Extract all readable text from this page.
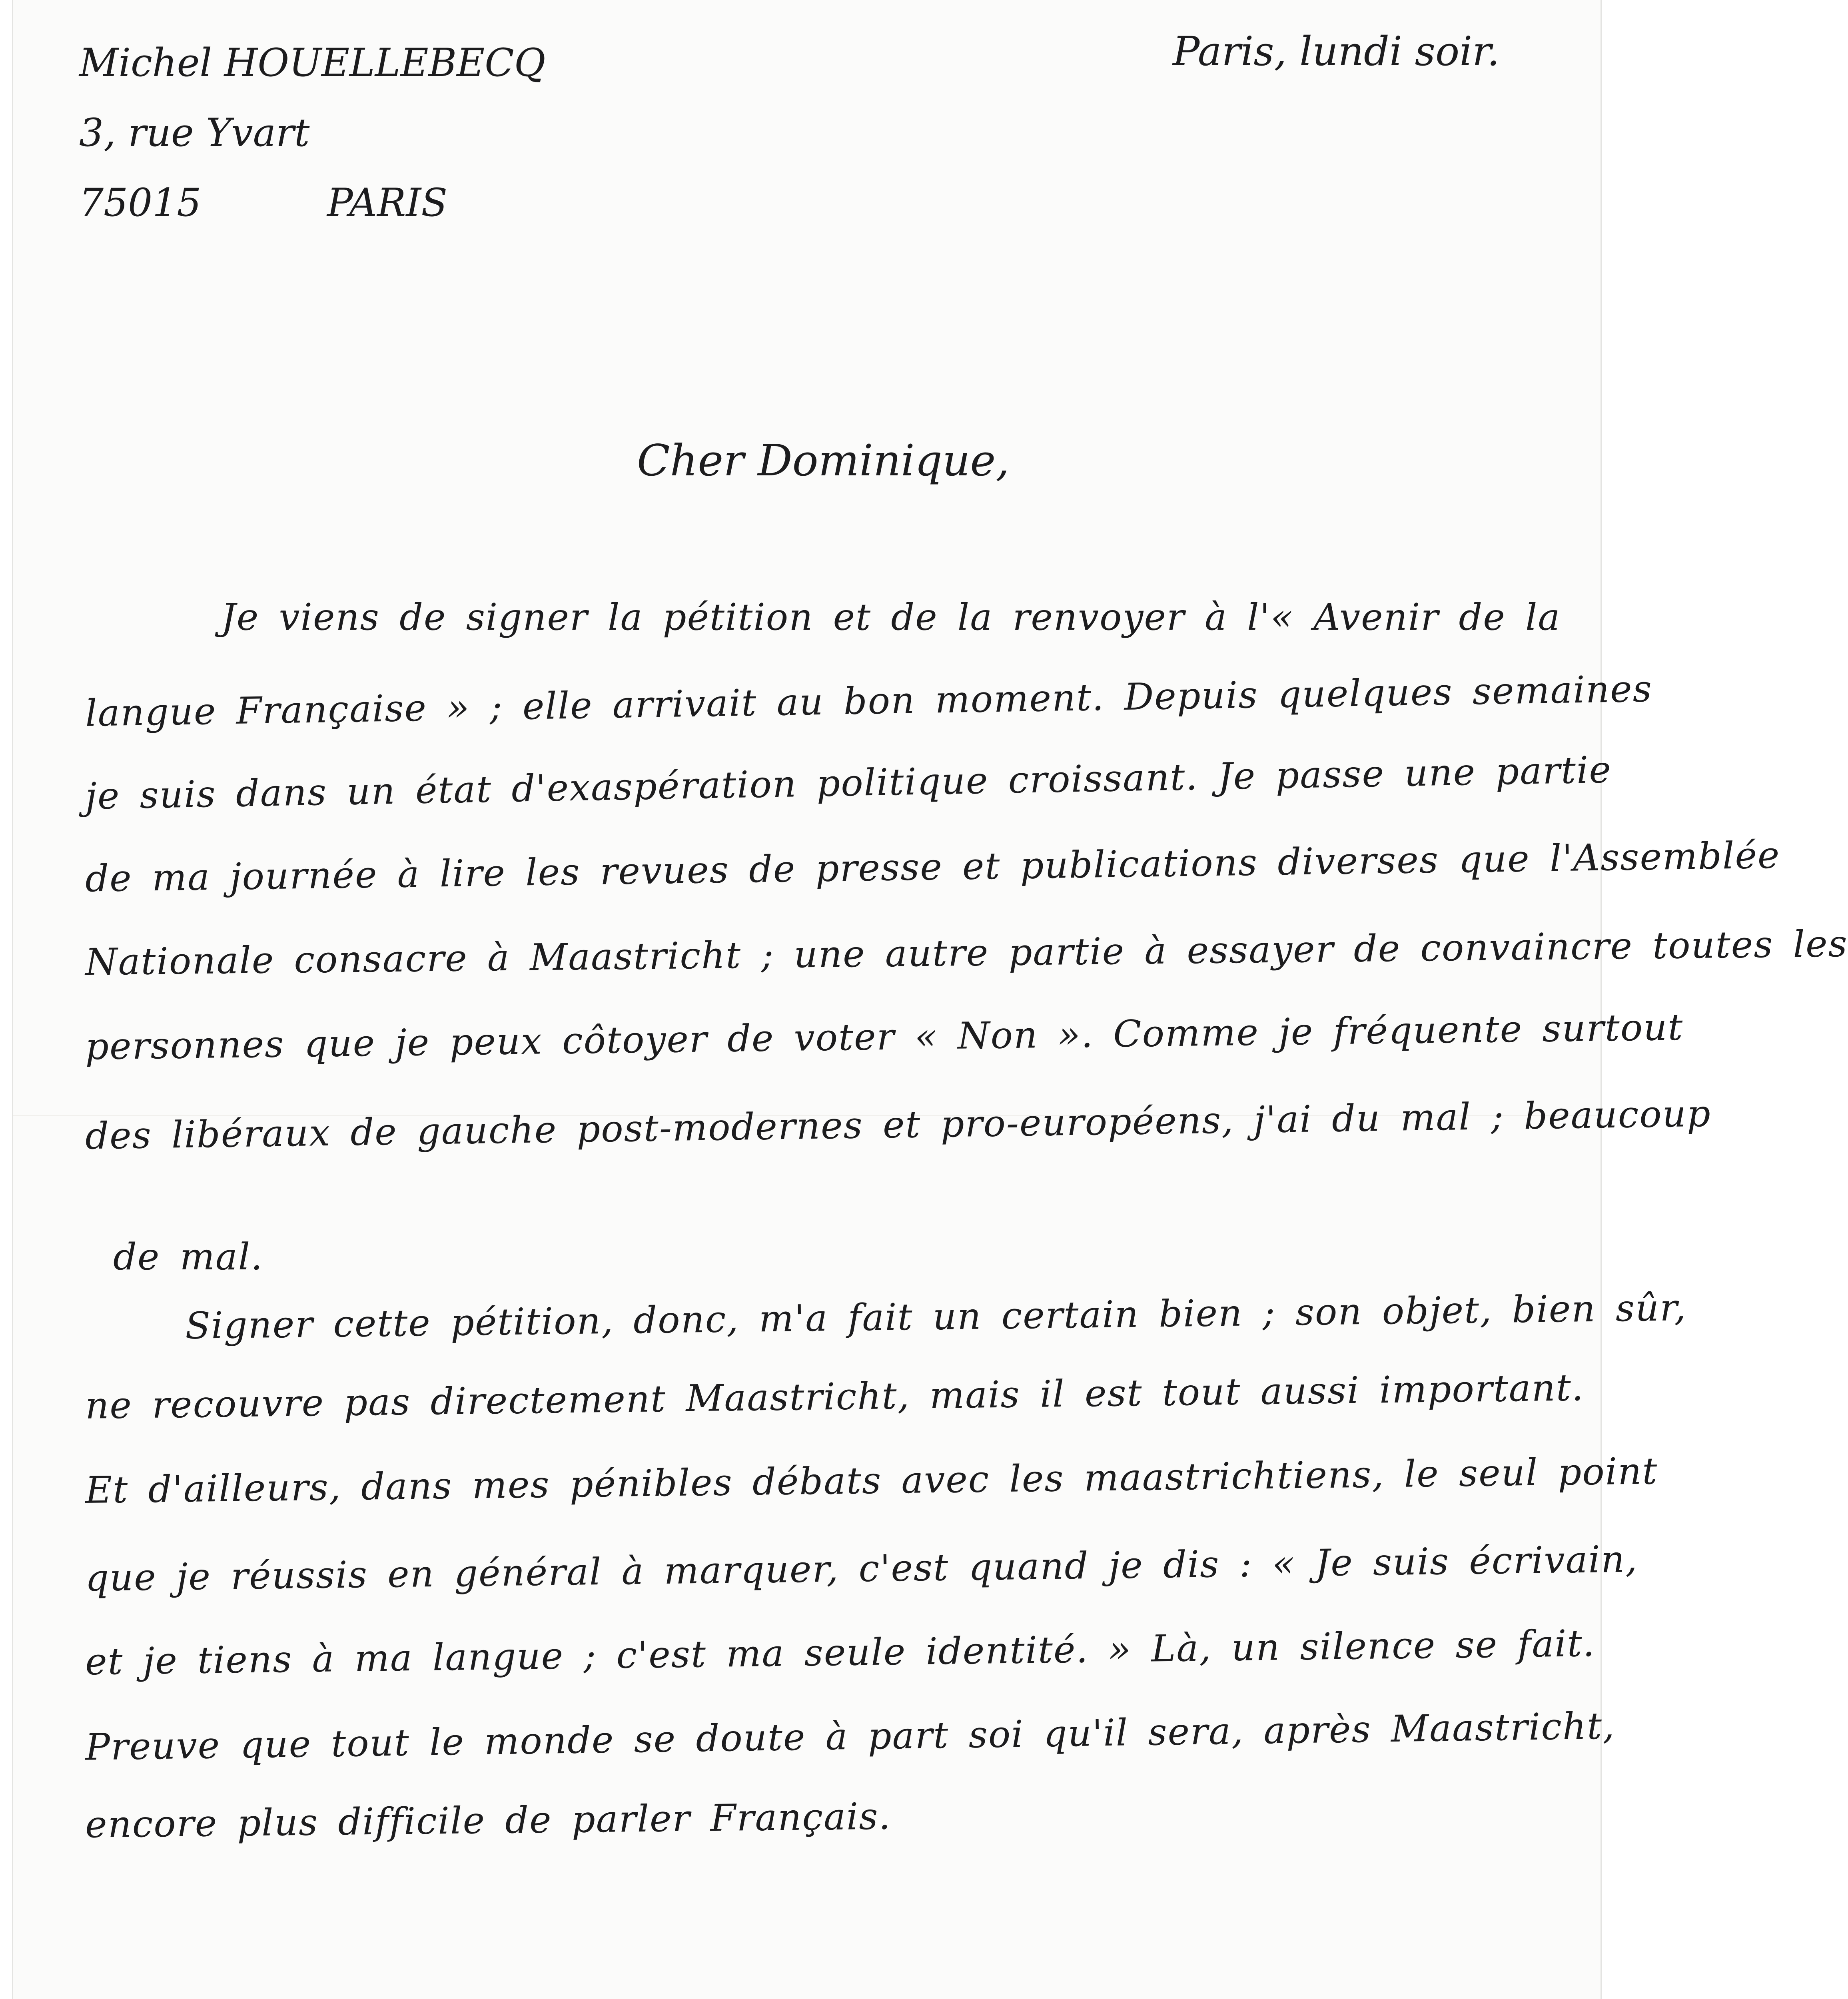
Michel HOUELLEBECQ
3, rue Yvart
75015	PARIS
Paris, lundi soir.
Cher Dominique,
Je viens de signer la pétition et de la renvoyer à l'« Avenir de la
langue Française » ; elle arrivait au bon moment. Depuis quelques semaines
je suis dans un état d'exaspération politique croissant. Je passe une partie
de ma journée à lire les revues de presse et publications diverses que l'Assemblée
Nationale consacre à Maastricht ; une autre partie à essayer de convaincre toutes les
personnes que je peux côtoyer de voter « Non ». Comme je fréquente surtout
des libéraux de gauche post-modernes et pro-européens, j'ai du mal ; beaucoup
de mal.
Signer cette pétition, donc, m'a fait un certain bien ; son objet, bien sûr,
ne recouvre pas directement Maastricht, mais il est tout aussi important.
Et d'ailleurs, dans mes pénibles débats avec les maastrichtiens, le seul point
que je réussis en général à marquer, c'est quand je dis : « Je suis écrivain,
et je tiens à ma langue ; c'est ma seule identité. » Là, un silence se fait.
Preuve que tout le monde se doute à part soi qu'il sera, après Maastricht,
encore plus difficile de parler Français.
